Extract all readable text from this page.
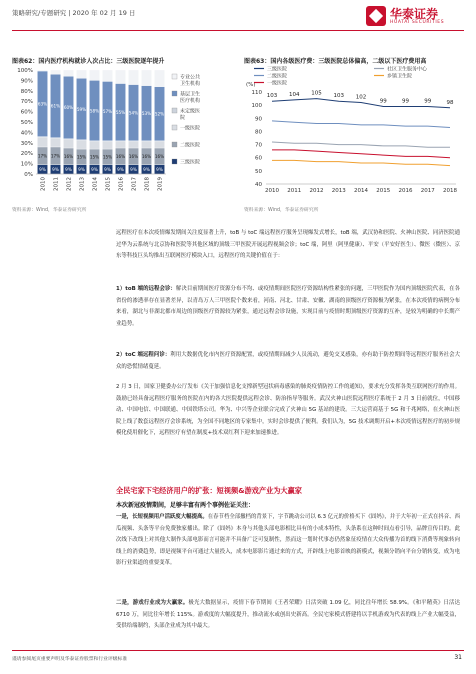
策略研究/专题研究 | 2020 年 02 月 19 日	华泰证券
HUATAI SECURITIES
图表62：国内医疗机构就诊人次占比：三级医院逐年提升
0%
10%
20%
30%
40%
50%
60%
70%
80%
90%
100%
9%
17%
63%
2010
9%
17%
61%
2011
9%
16%
60%
2012
9%
15%
59%
2013
9%
15%
58%
2014
9%
15%
57%
2015
9%
16%
55%
2016
9%
16%
54%
2017
9%
16%
53%
2018
9%
16%
52%
2019
专业公共
卫生机构
基层卫生
医疗机构
未定级医
院
一级医院
二级医院
三级医院
资料来源：Wind，华泰证券研究所
图表63：国内各级医疗费：三级医院总体偏高，二级以下医疗费用高
(%)
40
50
60
70
80
90
100
110
2010 2011 2012 2013 2014 2015 2016 2017 2018
103 104 105 103 102
99	99	99	98
三级医院
二级医院
一级医院
社区卫生服务中心
乡镇卫生院
资料来源：Wind，华泰证券研究所

远程医疗在本次疫情爆发期间关注度显著上升，toB 与 toC 端远程医疗服务呈现爆发式增长，toB 端，武汉协和医院、火神山医院、同济医院通过华为云系统与北京协和医院等其他区域的顶级三甲医院开展远程视频会诊；toC 端，阿里（阿里健康）、平安（平安好医生）、微医（微医）、京东等科技巨头均推出互联网医疗模块入口，远程医疗的关键价值在于：

1）toB 端的远程会诊：解决目前期间医疗资源分布不均、或疫情期间医院医疗资源结构性紧张的问题，三甲医院作为国内顶级医院代表，在各省份的渗透率存在显著差异，以青岛万人三甲医院个数来看，河南、河北、甘肃、安徽、湖南的顶级医疗资源极为紧张，在本次疫情的病例分布来看，湖北与非湖北都市周边的顶级医疗资源较为紧张，通过远程会诊设施，实现目前与疫情时期顶级医疗资源的互补，是较为明确的中长期产业趋势。

2）toC 端远程问诊：利用大数据优化市内医疗资源配置，或疫情期间减少人员流动，避免交叉感染，亦有助于防控期间等远程医疗服务社会大众的恐慌情绪蔓延。

2 月 3 日，国家卫健委办公厅发布《关于加强信息化支撑新型冠状病毒感染的肺炎疫情防控工作的通知》，要求充分发挥各类互联网医疗的作用。鼓励已经具备远程医疗服务的医院在内的各大医院提供远程会诊、防治指导等服务。武汉火神山医院远程医疗系统于 2 月 3 日前就位，中国移动、中国电信、中国联通、中国铁塔公司。华为、中兴等企业联合完成了火神山 5G 基站的建设。三大运营商基于 5G 和千兆网络，在火神山医院上线了数套远程医疗会诊系统，为全国不同地区的专家集中，实时会诊提供了便利。我们认为，5G 技术调期开启+本次疫情远程医疗的初步规模化使用催化下，远程医疗有望在制度+技术双红利下迎来加速推进。

全民宅家下宅经济用户的扩张：短视频&游戏产业为大赢家
本次新冠疫情期间，足够丰富有两个事例佐证关注：

一是，长短视频用户活跃度大幅提高。在春节档全部撤档的背景下，字节跳动公司以 6.3 亿元的价格买下《囧妈》，并于大年初一正式在抖音、西瓜视频、头条等平台免费独家播出。除了《囧妈》本身与其他头部电影相比具有的小成本特性，头条系在这种时间点看引导，品牌宣传目的。此次线下改线上对其他大制作头部电影而言可能并不具备广泛可复制性，然而这一划时代事态仍然象征疫情在大众传播为首的线下消费等现象转向线上的消费趋势，即是视频平台可通过大量投入，成本电影影片通过来的方式，开辟线上电影首映的新模式，视频分销向平台分销转变，成为电影行业渠道的重要变革。

二是，游戏行业成为大赢家。极光大数据显示，疫情下春节期间《王者荣耀》日活突破 1.09 亿，同比往年增长 58.9%。《和平精英》日活达 6710 万，同比往年增长 115%。游戏度的大幅度提升，推动流水或创出史新高。全民宅家模式搭建将以手机游戏为代表的线上产业大幅受益，受供给端制约，头部企业成为其中最大。

谨请参阅尾页重要声明及华泰证券股票和行业评级标准	31
